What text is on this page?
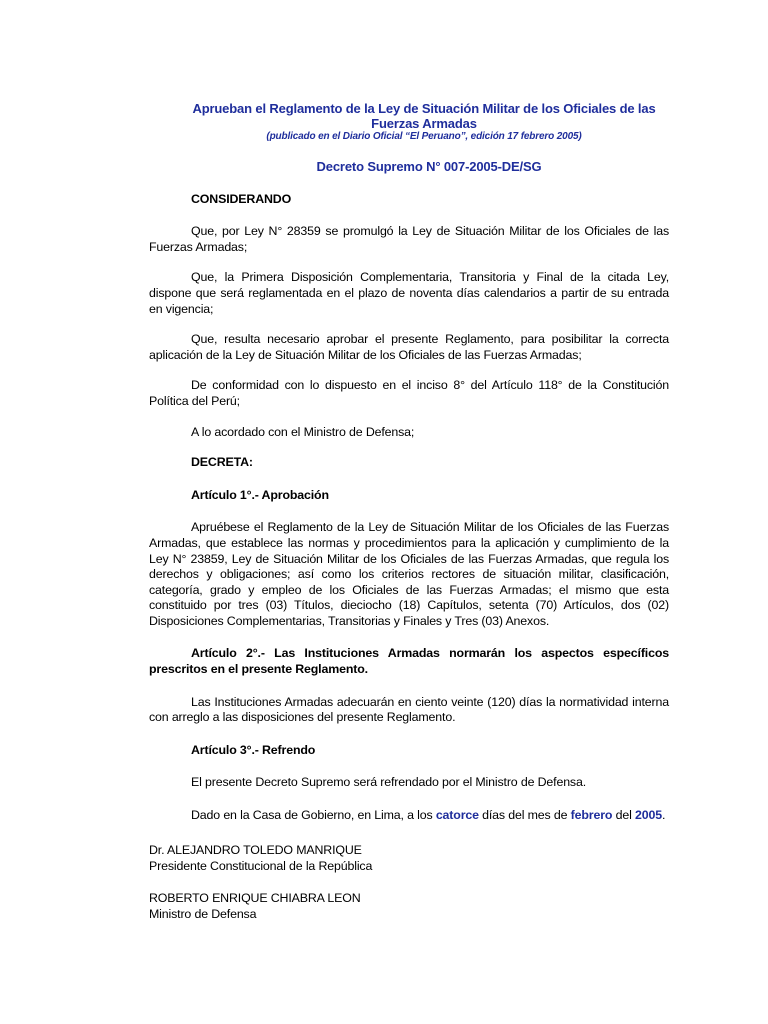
Aprueban el Reglamento de la Ley de Situación Militar de los Oficiales de las Fuerzas Armadas
(publicado en el Diario Oficial “El Peruano”, edición 17 febrero 2005)
Decreto Supremo N° 007-2005-DE/SG
CONSIDERANDO
Que, por Ley N° 28359 se promulgó la Ley de Situación Militar de los Oficiales de las Fuerzas Armadas;
Que, la Primera Disposición Complementaria, Transitoria y Final de la citada Ley, dispone que será reglamentada en el plazo de noventa días calendarios a partir de su entrada en vigencia;
Que, resulta necesario aprobar el presente Reglamento, para posibilitar la correcta aplicación de la Ley de Situación Militar de los Oficiales de las Fuerzas Armadas;
De conformidad con lo dispuesto en el inciso 8° del Artículo 118° de la Constitución Política del Perú;
A lo acordado con el Ministro de Defensa;
DECRETA:
Artículo 1°.- Aprobación
Apruébese el Reglamento de la Ley de Situación Militar de los Oficiales de las Fuerzas Armadas, que establece las normas y procedimientos para la aplicación y cumplimiento de la Ley N° 23859, Ley de Situación Militar de los Oficiales de las Fuerzas Armadas, que regula los derechos y obligaciones; así como los criterios rectores de situación militar, clasificación, categoría, grado y empleo de los Oficiales de las Fuerzas Armadas; el mismo que esta constituido por tres (03) Títulos, dieciocho (18) Capítulos, setenta (70) Artículos, dos (02) Disposiciones Complementarias, Transitorias y Finales y Tres (03) Anexos.
Artículo 2°.- Las Instituciones Armadas normarán los aspectos específicos prescritos en el presente Reglamento.
Las Instituciones Armadas adecuarán en ciento veinte (120) días la normatividad interna con arreglo a las disposiciones del presente Reglamento.
Artículo 3°.- Refrendo
El presente Decreto Supremo será refrendado por el Ministro de Defensa.
Dado en la Casa de Gobierno, en Lima, a los catorce días del mes de febrero del 2005.
Dr. ALEJANDRO TOLEDO MANRIQUE
Presidente Constitucional de la República
ROBERTO ENRIQUE CHIABRA LEON
Ministro de Defensa
